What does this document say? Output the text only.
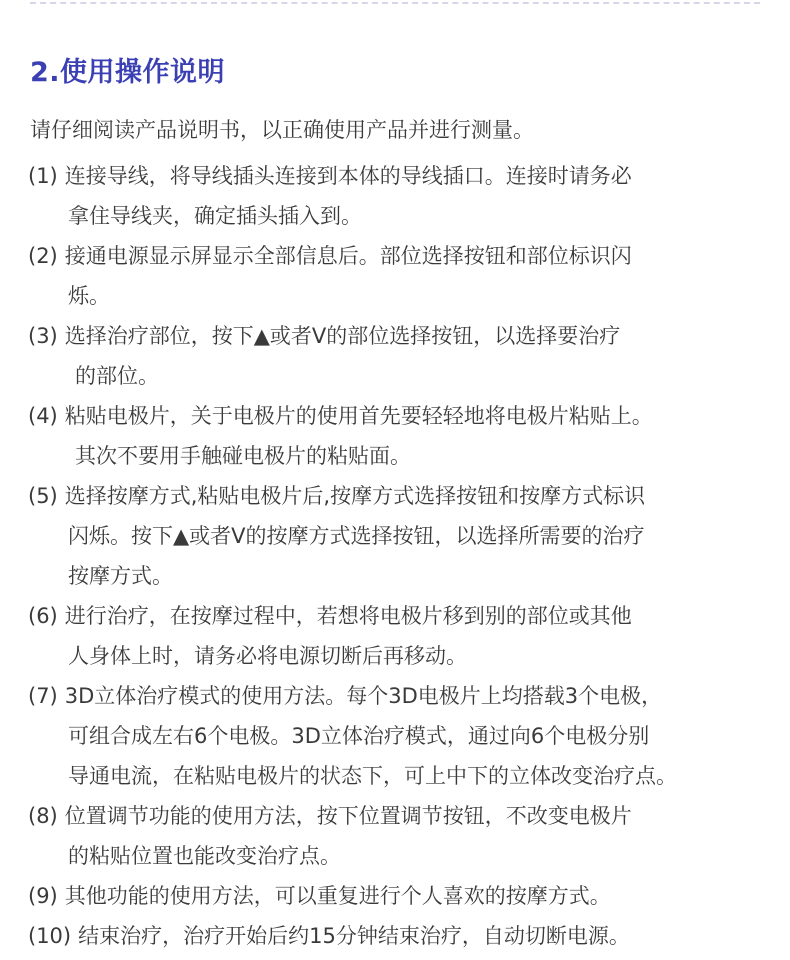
2.使用操作说明
请仔细阅读产品说明书，以正确使用产品并进行测量。
(1) 连接导线，将导线插头连接到本体的导线插口。连接时请务必
拿住导线夹，确定插头插入到。
(2) 接通电源显示屏显示全部信息后。部位选择按钮和部位标识闪
烁。
(3) 选择治疗部位，按下▲或者V的部位选择按钮，以选择要治疗
的部位。
(4) 粘贴电极片，关于电极片的使用首先要轻轻地将电极片粘贴上。
其次不要用手触碰电极片的粘贴面。
(5) 选择按摩方式,粘贴电极片后,按摩方式选择按钮和按摩方式标识
闪烁。按下▲或者V的按摩方式选择按钮，以选择所需要的治疗
按摩方式。
(6) 进行治疗，在按摩过程中，若想将电极片移到别的部位或其他
人身体上时，请务必将电源切断后再移动。
(7) 3D立体治疗模式的使用方法。每个3D电极片上均搭载3个电极，
可组合成左右6个电极。3D立体治疗模式，通过向6个电极分别
导通电流，在粘贴电极片的状态下，可上中下的立体改变治疗点。
(8) 位置调节功能的使用方法，按下位置调节按钮，不改变电极片
的粘贴位置也能改变治疗点。
(9) 其他功能的使用方法，可以重复进行个人喜欢的按摩方式。
(10) 结束治疗，治疗开始后约15分钟结束治疗，自动切断电源。
